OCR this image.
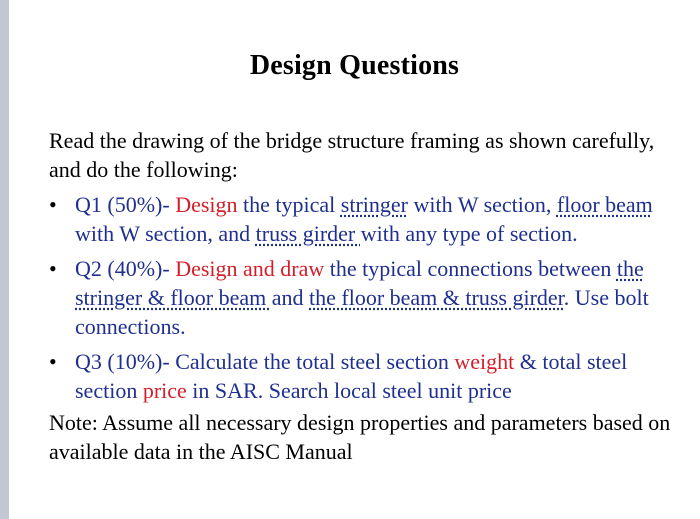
Design Questions
Read the drawing of the bridge structure framing as shown carefully, and do the following:
• Q1 (50%)- Design the typical stringer with W section, floor beam with W section, and truss girder with any type of section.
• Q2 (40%)- Design and draw the typical connections between the stringer & floor beam and the floor beam & truss girder. Use bolt connections.
• Q3 (10%)- Calculate the total steel section weight & total steel section price in SAR. Search local steel unit price
Note: Assume all necessary design properties and parameters based on available data in the AISC Manual
